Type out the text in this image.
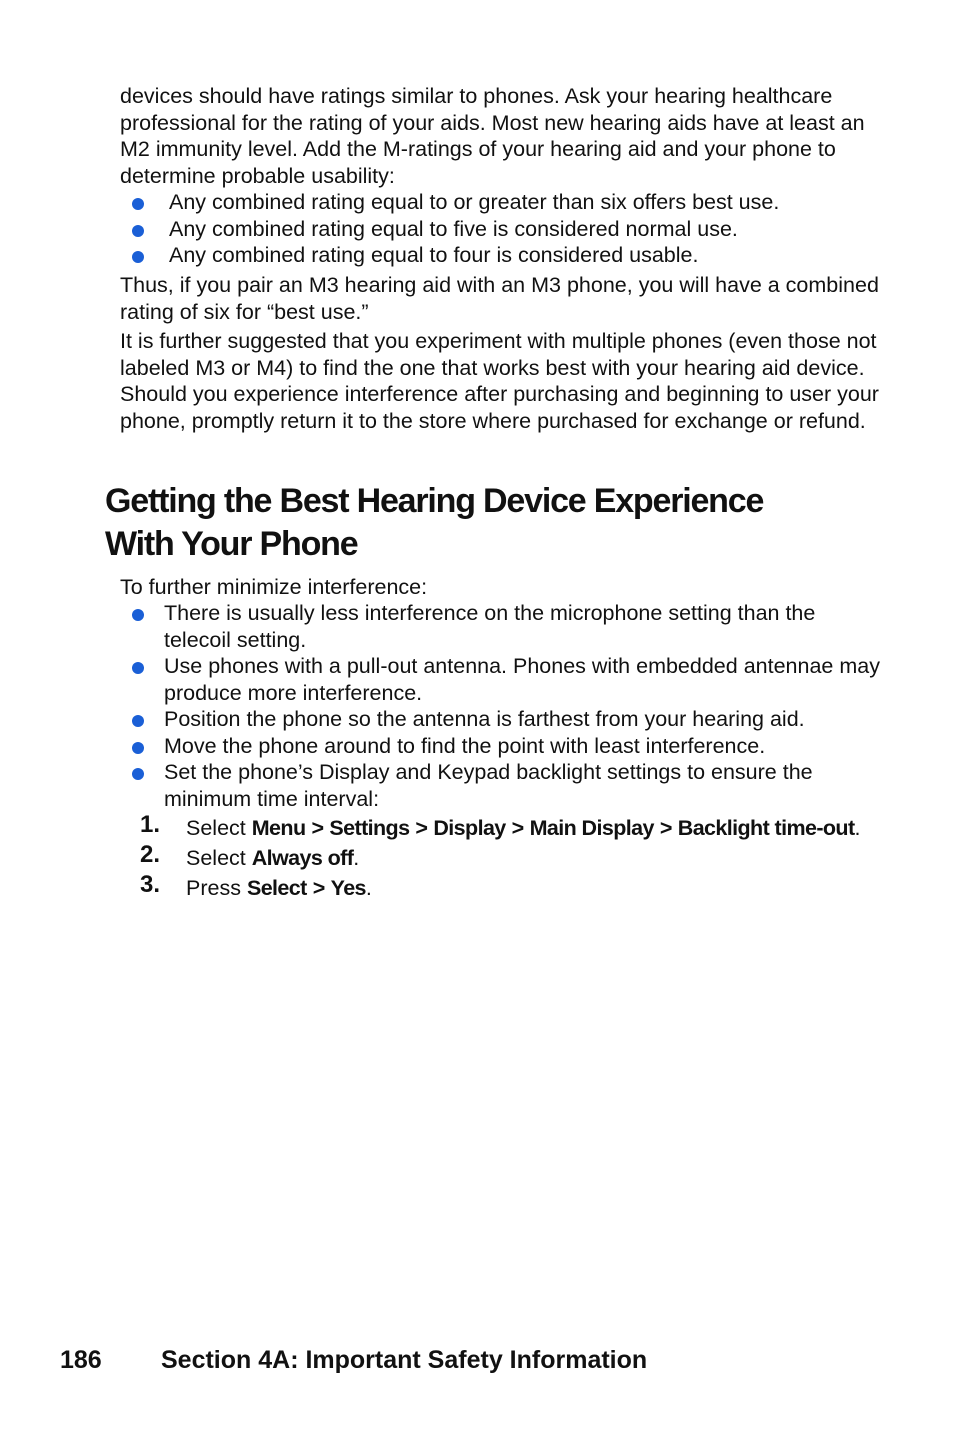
devices should have ratings similar to phones. Ask your hearing healthcare professional for the rating of your aids. Most new hearing aids have at least an M2 immunity level. Add the M-ratings of your hearing aid and your phone to determine probable usability:

Any combined rating equal to or greater than six offers best use.
Any combined rating equal to five is considered normal use.
Any combined rating equal to four is considered usable.

Thus, if you pair an M3 hearing aid with an M3 phone, you will have a combined rating of six for “best use.”

It is further suggested that you experiment with multiple phones (even those not labeled M3 or M4) to find the one that works best with your hearing aid device. Should you experience interference after purchasing and beginning to user your phone, promptly return it to the store where purchased for exchange or refund.

Getting the Best Hearing Device Experience
With Your Phone

To further minimize interference:

There is usually less interference on the microphone setting than the telecoil setting.
Use phones with a pull-out antenna. Phones with embedded antennae may produce more interference.
Position the phone so the antenna is farthest from your hearing aid.
Move the phone around to find the point with least interference.
Set the phone’s Display and Keypad backlight settings to ensure the minimum time interval:
1. Select Menu > Settings > Display > Main Display > Backlight time-out.
2. Select Always off.
3. Press Select > Yes.
186 Section 4A: Important Safety Information
